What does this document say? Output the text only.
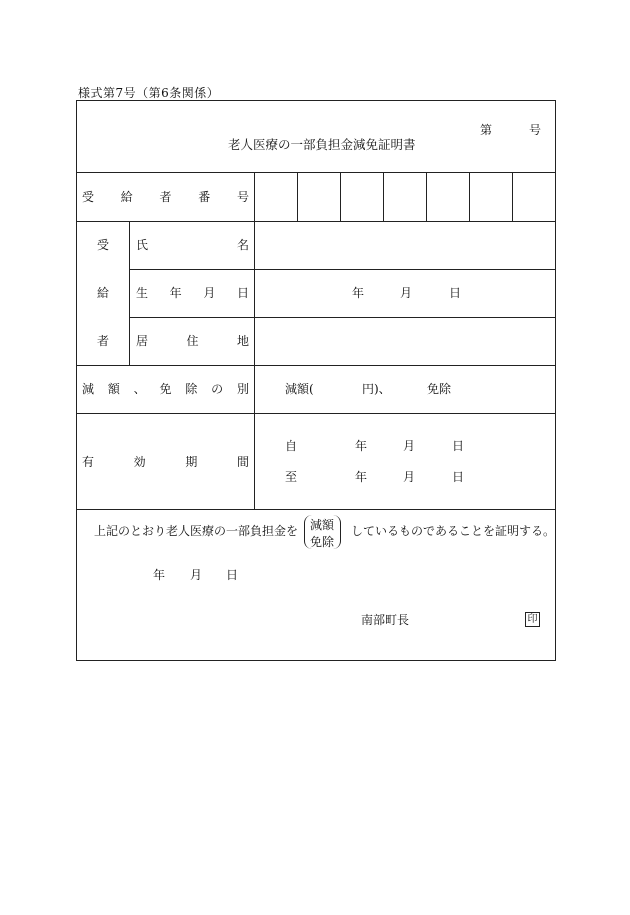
様式第7号（第6条関係）
第	号
老人医療の一部負担金減免証明書
受 給 者 番 号
受
給
者
氏	名
生 年 月 日	年	月	日
居	住	地
減 額 、 免 除 の 別	減額(	円)、	免除
有	効	期	間
自	年	月	日
至	年	月	日
上記のとおり老人医療の一部負担金を 減額
免除
しているものであることを証明する。
年 月 日
南部町長	印
